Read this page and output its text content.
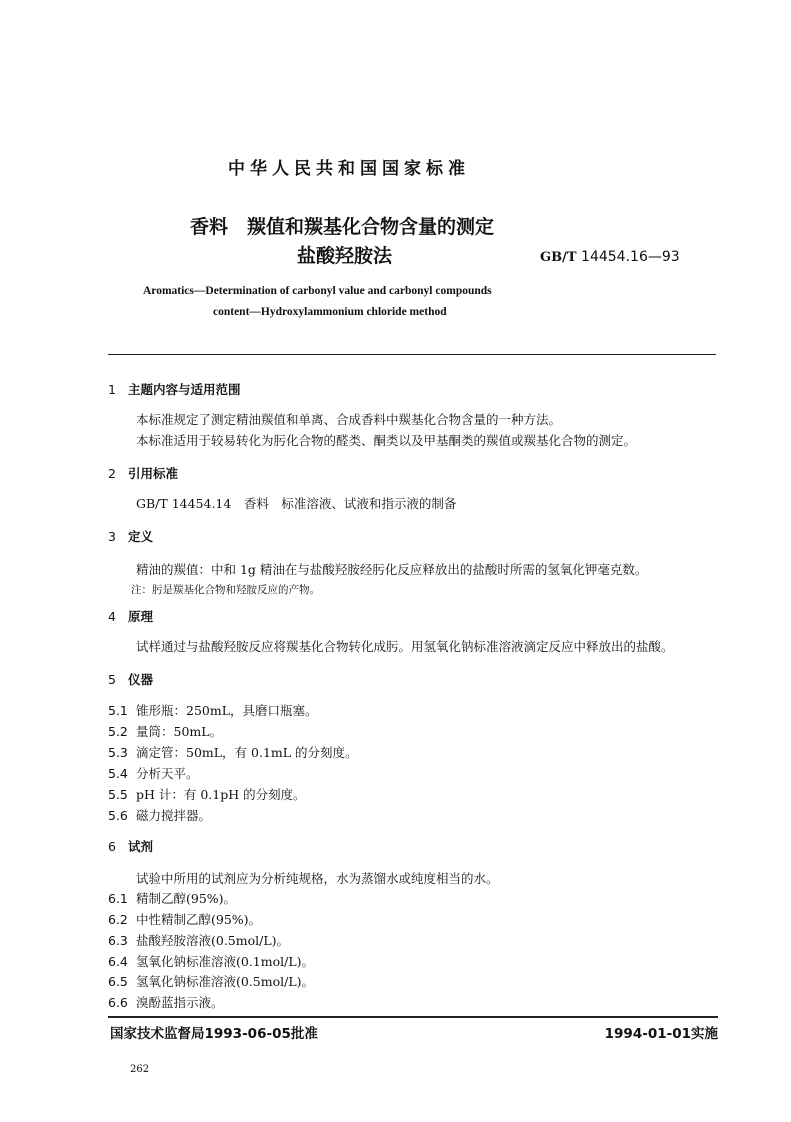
中华人民共和国国家标准
香料　羰值和羰基化合物含量的测定
盐酸羟胺法	GB/T 14454.16—93
Aromatics—Determination of carbonyl value and carbonyl compounds
content—Hydroxylammonium chloride method
1 主题内容与适用范围
本标准规定了测定精油羰值和单离、合成香料中羰基化合物含量的一种方法。
本标准适用于较易转化为肟化合物的醛类、酮类以及甲基酮类的羰值或羰基化合物的测定。
2 引用标准
GB/T 14454.14　香料　标准溶液、试液和指示液的制备
3 定义
精油的羰值：中和 1g 精油在与盐酸羟胺经肟化反应释放出的盐酸时所需的氢氧化钾毫克数。
注：肟是羰基化合物和羟胺反应的产物。
4 原理
试样通过与盐酸羟胺反应将羰基化合物转化成肟。用氢氧化钠标准溶液滴定反应中释放出的盐酸。
5 仪器
5.1 锥形瓶：250mL，具磨口瓶塞。
5.2 量筒：50mL。
5.3 滴定管：50mL，有 0.1mL 的分刻度。
5.4 分析天平。
5.5 pH 计：有 0.1pH 的分刻度。
5.6 磁力搅拌器。
6 试剂
试验中所用的试剂应为分析纯规格，水为蒸馏水或纯度相当的水。
6.1 精制乙醇(95%)。
6.2 中性精制乙醇(95%)。
6.3 盐酸羟胺溶液(0.5mol/L)。
6.4 氢氧化钠标准溶液(0.1mol/L)。
6.5 氢氧化钠标准溶液(0.5mol/L)。
6.6 溴酚蓝指示液。
国家技术监督局1993-06-05批准	1994-01-01实施
262
